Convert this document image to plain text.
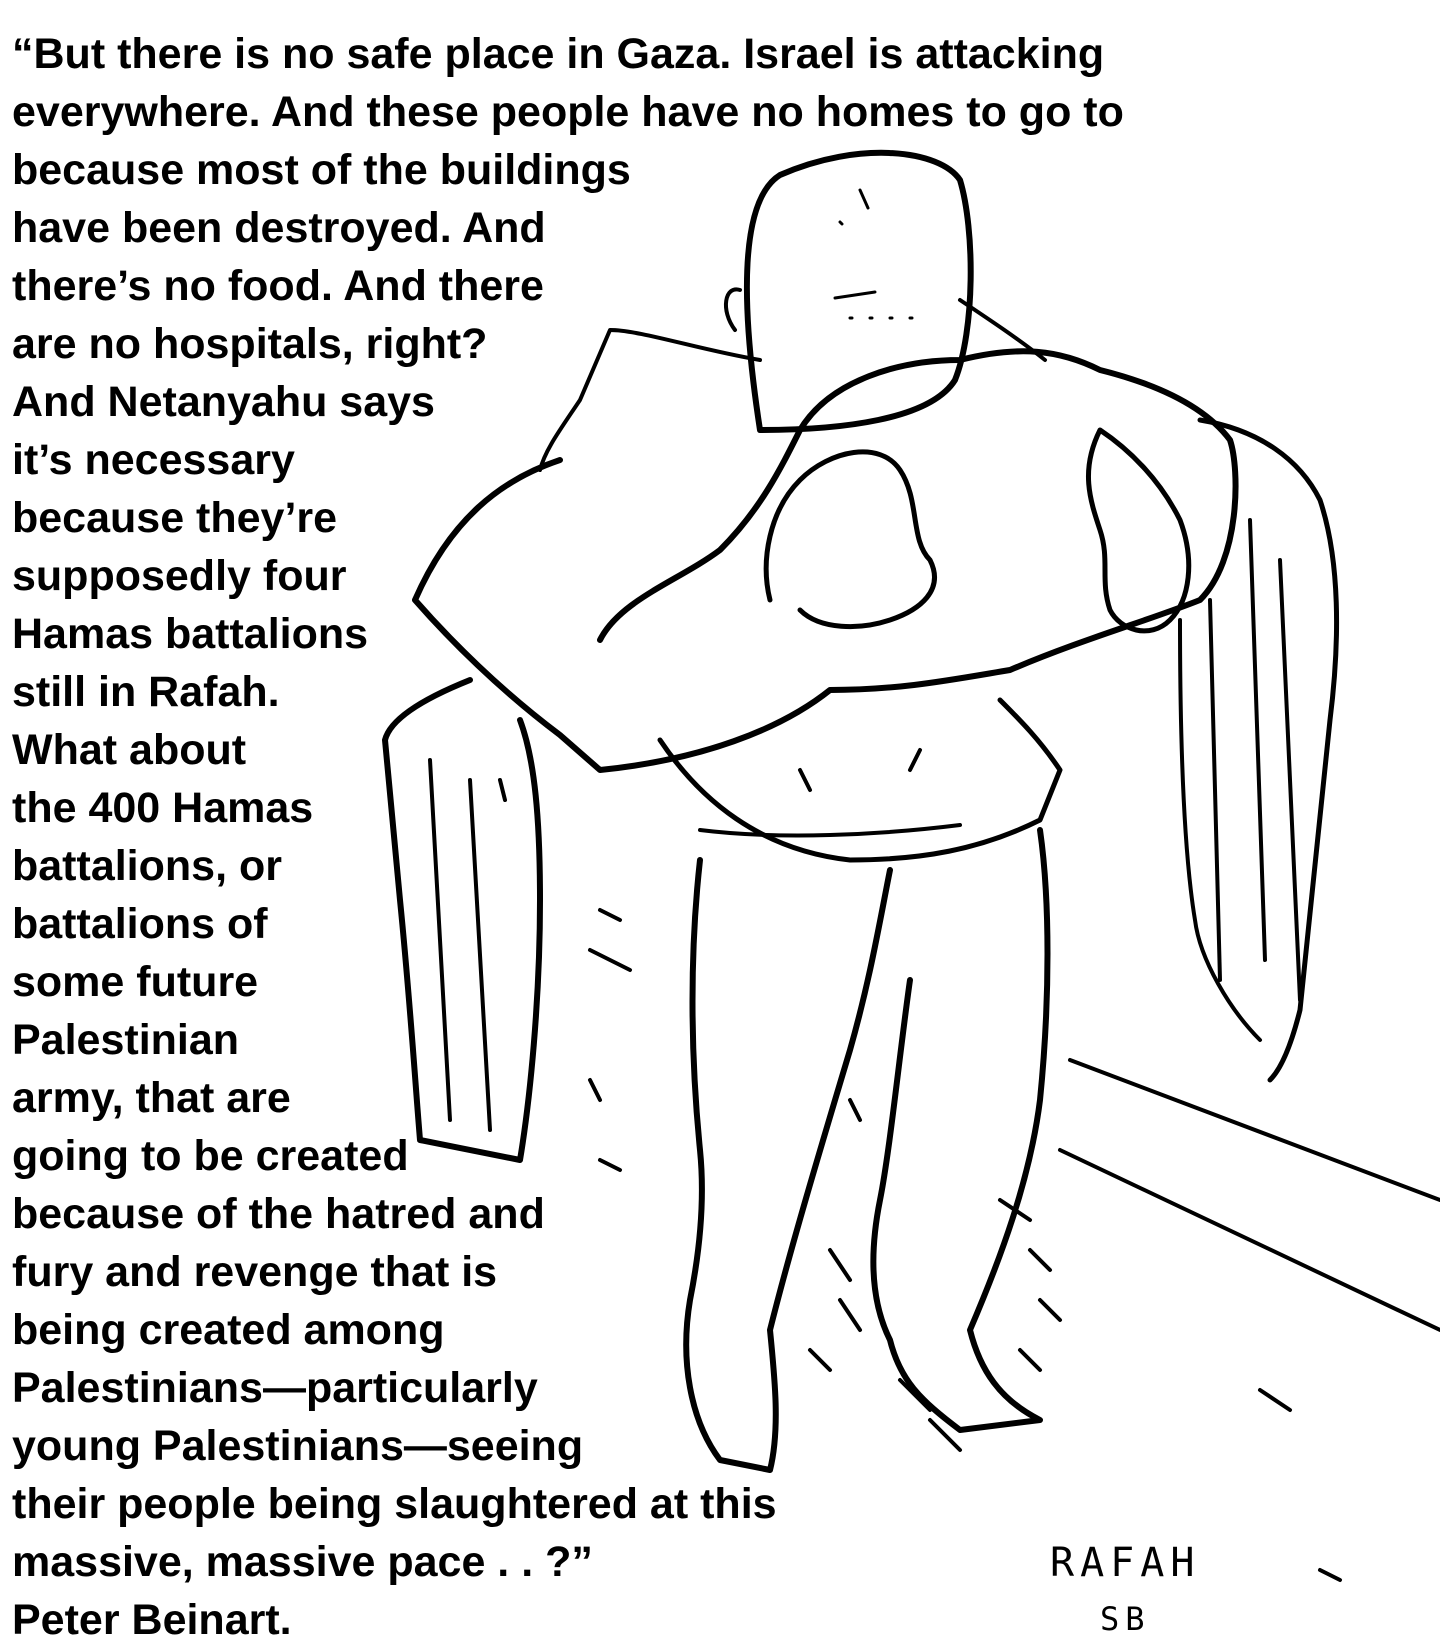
“But there is no safe place in Gaza. Israel is attacking

everywhere. And these people have no homes to go to

because most of the buildings

have been destroyed. And

there’s no food. And there

are no hospitals, right?

And Netanyahu says

it’s necessary

because they’re

supposedly four

Hamas battalions

still in Rafah.

What about

the 400 Hamas

battalions, or

battalions of

some future

Palestinian

army, that are

going to be created

because of the hatred and

fury and revenge that is

being created among

Palestinians—particularly

young Palestinians—seeing

their people being slaughtered at this

massive, massive pace . . ?”

Peter Beinart.

RAFAH
SB
